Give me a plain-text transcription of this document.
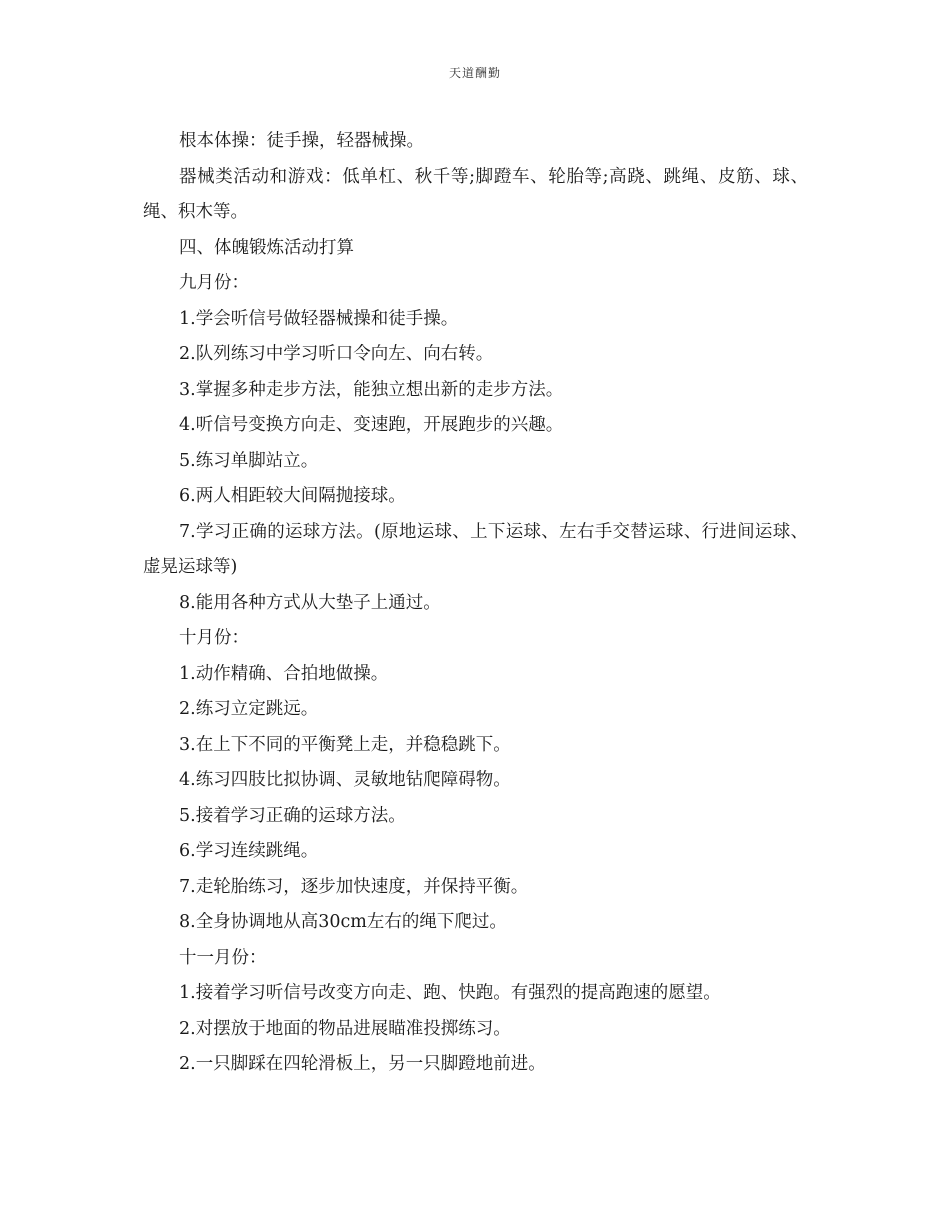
天道酬勤

根本体操：徒手操，轻器械操。

器械类活动和游戏：低单杠、秋千等;脚蹬车、轮胎等;高跷、跳绳、皮筋、球、绳、积木等。

四、体魄锻炼活动打算

九月份：

1.学会听信号做轻器械操和徒手操。

2.队列练习中学习听口令向左、向右转。

3.掌握多种走步方法，能独立想出新的走步方法。

4.听信号变换方向走、变速跑，开展跑步的兴趣。

5.练习单脚站立。

6.两人相距较大间隔抛接球。

7.学习正确的运球方法。(原地运球、上下运球、左右手交替运球、行进间运球、虚晃运球等)

8.能用各种方式从大垫子上通过。

十月份：

1.动作精确、合拍地做操。

2.练习立定跳远。

3.在上下不同的平衡凳上走，并稳稳跳下。

4.练习四肢比拟协调、灵敏地钻爬障碍物。

5.接着学习正确的运球方法。

6.学习连续跳绳。

7.走轮胎练习，逐步加快速度，并保持平衡。

8.全身协调地从高30cm左右的绳下爬过。

十一月份：

1.接着学习听信号改变方向走、跑、快跑。有强烈的提高跑速的愿望。

2.对摆放于地面的物品进展瞄准投掷练习。

2.一只脚踩在四轮滑板上，另一只脚蹬地前进。
